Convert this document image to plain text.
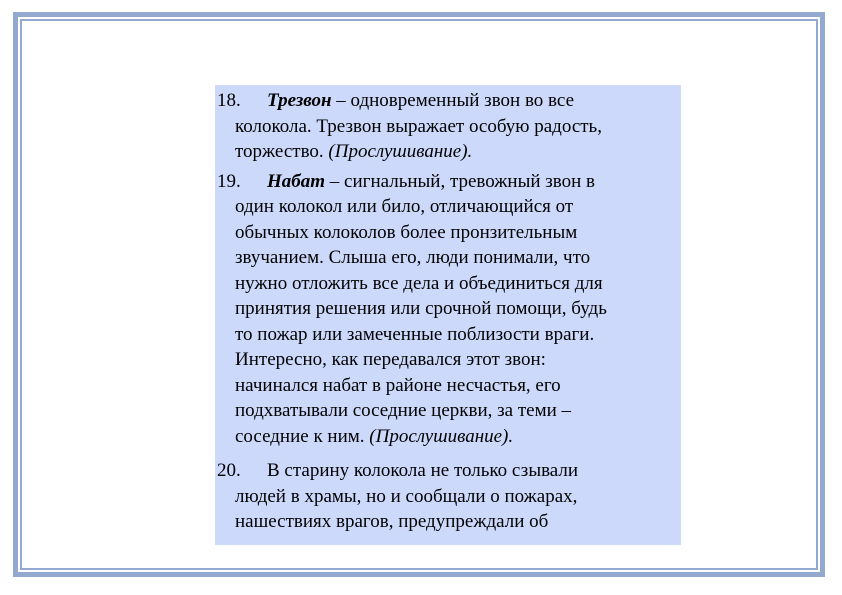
18.	Трезвон – одновременный звон во все
колокола. Трезвон выражает особую радость,
торжество. (Прослушивание).
19.	Набат – сигнальный, тревожный звон в
один колокол или било, отличающийся от
обычных колоколов более пронзительным
звучанием. Слыша его, люди понимали, что
нужно отложить все дела и объединиться для
принятия решения или срочной помощи, будь
то пожар или замеченные поблизости враги.
Интересно, как передавался этот звон:
начинался набат в районе несчастья, его
подхватывали соседние церкви, за теми –
соседние к ним. (Прослушивание).
20.	В старину колокола не только сзывали
людей в храмы, но и сообщали о пожарах,
нашествиях врагов, предупреждали об
